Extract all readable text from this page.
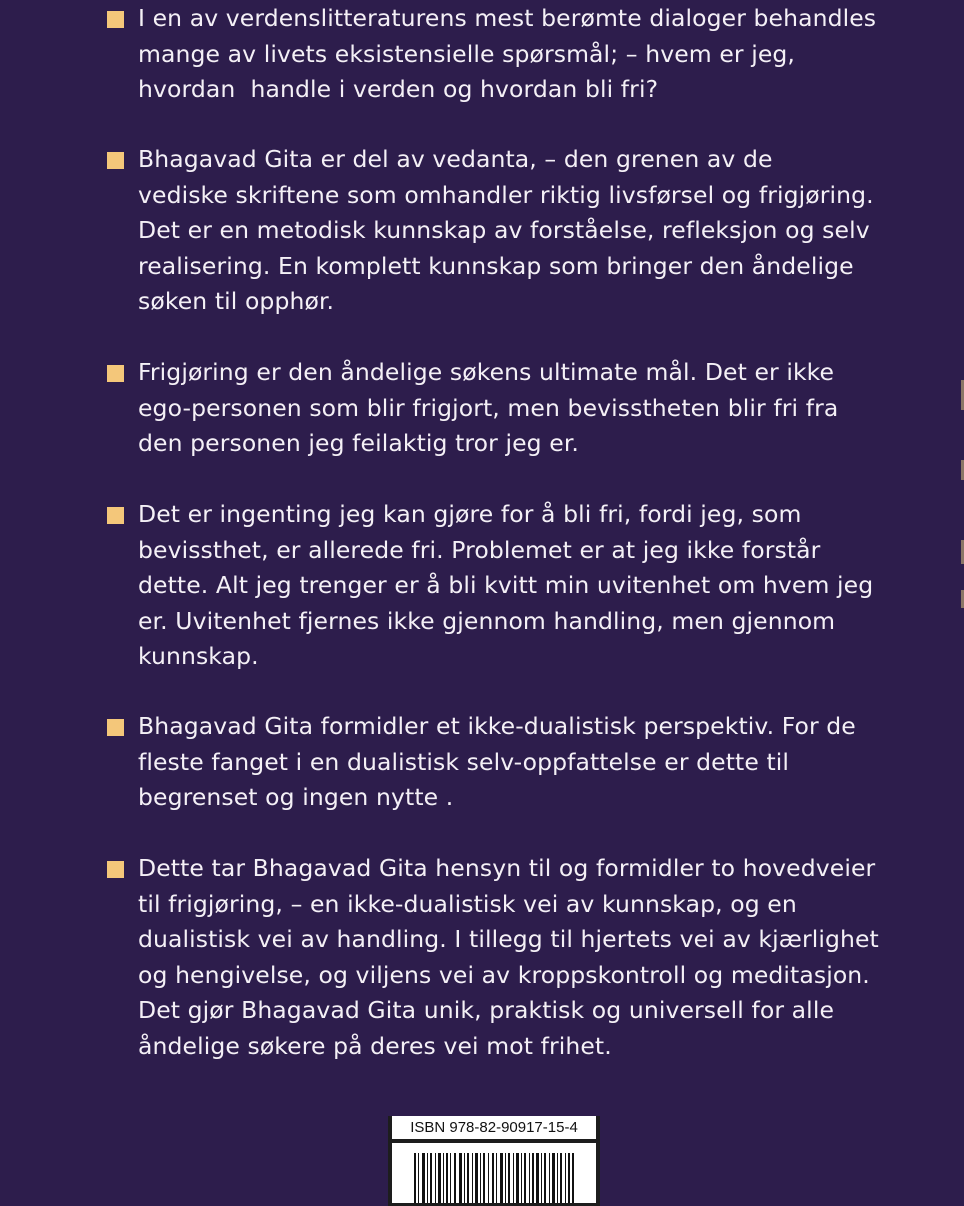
I en av verdenslitteraturens mest berømte dialoger behandles
mange av livets eksistensielle spørsmål; – hvem er jeg,
hvordan  handle i verden og hvordan bli fri?

Bhagavad Gita er del av vedanta, – den grenen av de
vediske skriftene som omhandler riktig livsførsel og frigjøring.
Det er en metodisk kunnskap av forståelse, refleksjon og selv
realisering. En komplett kunnskap som bringer den åndelige
søken til opphør.

Frigjøring er den åndelige søkens ultimate mål. Det er ikke
ego-personen som blir frigjort, men bevisstheten blir fri fra
den personen jeg feilaktig tror jeg er.

Det er ingenting jeg kan gjøre for å bli fri, fordi jeg, som
bevissthet, er allerede fri. Problemet er at jeg ikke forstår
dette. Alt jeg trenger er å bli kvitt min uvitenhet om hvem jeg
er. Uvitenhet fjernes ikke gjennom handling, men gjennom
kunnskap.

Bhagavad Gita formidler et ikke-dualistisk perspektiv. For de
fleste fanget i en dualistisk selv-oppfattelse er dette til
begrenset og ingen nytte .

Dette tar Bhagavad Gita hensyn til og formidler to hovedveier
til frigjøring, – en ikke-dualistisk vei av kunnskap, og en
dualistisk vei av handling. I tillegg til hjertets vei av kjærlighet
og hengivelse, og viljens vei av kroppskontroll og meditasjon.
Det gjør Bhagavad Gita unik, praktisk og universell for alle
åndelige søkere på deres vei mot frihet.

ISBN 978-82-90917-15-4
